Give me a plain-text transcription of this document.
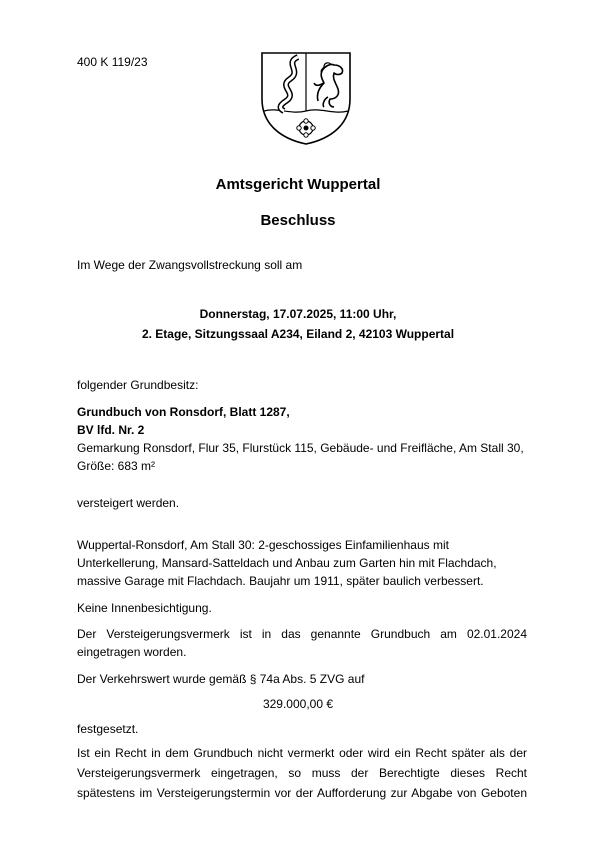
400 K 119/23
Amtsgericht Wuppertal
Beschluss
Im Wege der Zwangsvollstreckung soll am
Donnerstag, 17.07.2025, 11:00 Uhr,
2. Etage, Sitzungssaal A234, Eiland 2, 42103 Wuppertal
folgender Grundbesitz:
Grundbuch von Ronsdorf, Blatt 1287,
BV lfd. Nr. 2
Gemarkung Ronsdorf, Flur 35, Flurstück 115, Gebäude- und Freifläche, Am Stall 30,
Größe: 683 m²
versteigert werden.
Wuppertal-Ronsdorf, Am Stall 30: 2-geschossiges Einfamilienhaus mit
Unterkellerung, Mansard-Satteldach und Anbau zum Garten hin mit Flachdach,
massive Garage mit Flachdach. Baujahr um 1911, später baulich verbessert.
Keine Innenbesichtigung.
Der Versteigerungsvermerk ist in das genannte Grundbuch am 02.01.2024
eingetragen worden.
Der Verkehrswert wurde gemäß § 74a Abs. 5 ZVG auf
329.000,00 €
festgesetzt.
Ist ein Recht in dem Grundbuch nicht vermerkt oder wird ein Recht später als der
Versteigerungsvermerk eingetragen, so muss der Berechtigte dieses Recht
spätestens im Versteigerungstermin vor der Aufforderung zur Abgabe von Geboten
